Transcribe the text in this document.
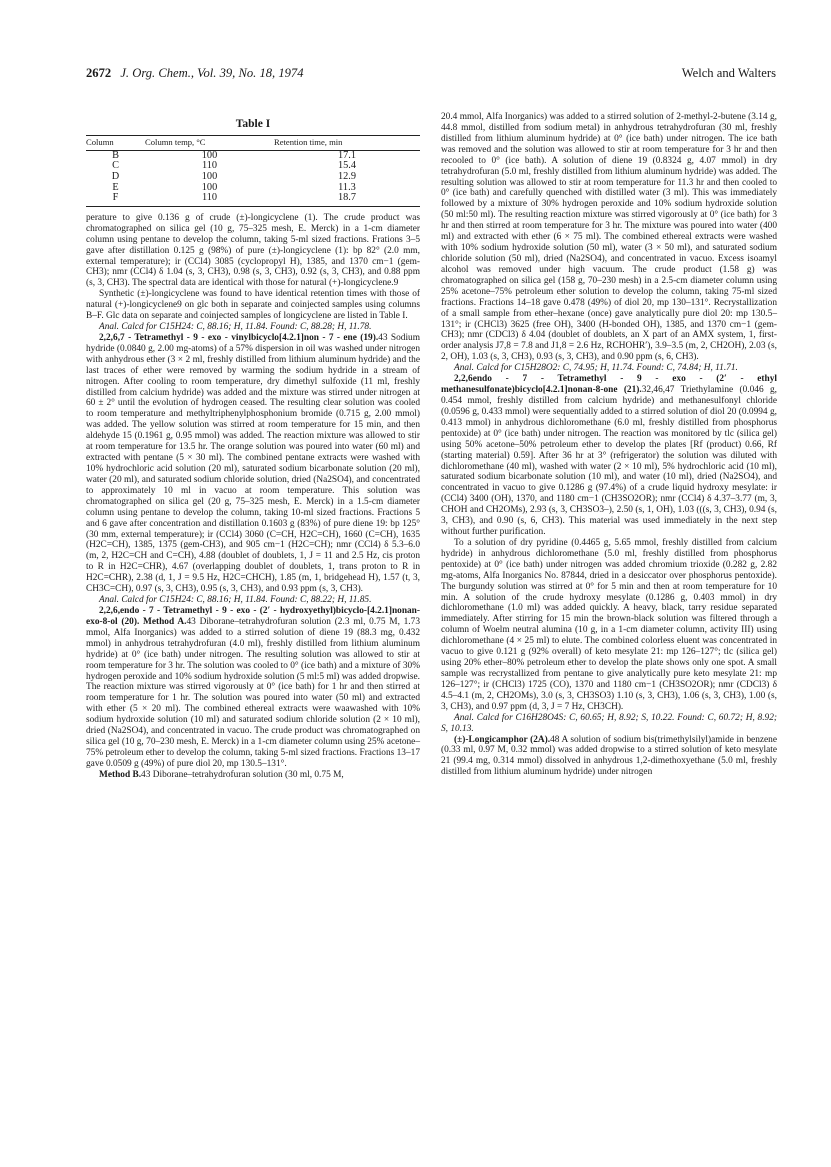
2672 J. Org. Chem., Vol. 39, No. 18, 1974	Welch and Walters
Table I
Column	Column temp, °C	Retention time, min
B	100	17.1
C	110	15.4
D	100	12.9
E	100	11.3
F	110	18.7

perature to give 0.136 g of crude (±)-longicyclene (1). The crude product was chromatographed on silica gel (10 g, 75–325 mesh, E. Merck) in a 1-cm diameter column using pentane to develop the column, taking 5-ml sized fractions. Frations 3–5 gave after distillation 0.125 g (98%) of pure (±)-longicyclene (1): bp 82° (2.0 mm, external temperature); ir (CCl4) 3085 (cyclopropyl H), 1385, and 1370 cm−1 (gem-CH3); nmr (CCl4) δ 1.04 (s, 3, CH3), 0.98 (s, 3, CH3), 0.92 (s, 3, CH3), and 0.88 ppm (s, 3, CH3). The spectral data are identical with those for natural (+)-longicyclene.9

Synthetic (±)-longicyclene was found to have identical retention times with those of natural (+)-longicyclene9 on glc both in separate and coinjected samples using columns B–F. Glc data on separate and coinjected samples of longicyclene are listed in Table I.

Anal. Calcd for C15H24: C, 88.16; H, 11.84. Found: C, 88.28; H, 11.78.

2,2,6,7 - Tetramethyl - 9 - exo - vinylbicyclo[4.2.1]non - 7 - ene (19).43 Sodium hydride (0.0840 g, 2.00 mg-atoms) of a 57% dispersion in oil was washed under nitrogen with anhydrous ether (3 × 2 ml, freshly distilled from lithium aluminum hydride) and the last traces of ether were removed by warming the sodium hydride in a stream of nitrogen. After cooling to room temperature, dry dimethyl sulfoxide (11 ml, freshly distilled from calcium hydride) was added and the mixture was stirred under nitrogen at 60 ± 2° until the evolution of hydrogen ceased. The resulting clear solution was cooled to room temperature and methyltriphenylphosphonium bromide (0.715 g, 2.00 mmol) was added. The yellow solution was stirred at room temperature for 15 min, and then aldehyde 15 (0.1961 g, 0.95 mmol) was added. The reaction mixture was allowed to stir at room temperature for 13.5 hr. The orange solution was poured into water (60 ml) and extracted with pentane (5 × 30 ml). The combined pentane extracts were washed with 10% hydrochloric acid solution (20 ml), saturated sodium bicarbonate solution (20 ml), water (20 ml), and saturated sodium chloride solution, dried (Na2SO4), and concentrated to approximately 10 ml in vacuo at room temperature. This solution was chromatographed on silica gel (20 g, 75–325 mesh, E. Merck) in a 1.5-cm diameter column using pentane to develop the column, taking 10-ml sized fractions. Fractions 5 and 6 gave after concentration and distillation 0.1603 g (83%) of pure diene 19: bp 125° (30 mm, external temperature); ir (CCl4) 3060 (C=CH, H2C=CH), 1660 (C=CH), 1635 (H2C=CH), 1385, 1375 (gem-CH3), and 905 cm−1 (H2C=CH); nmr (CCl4) δ 5.3–6.0 (m, 2, H2C=CH and C=CH), 4.88 (doublet of doublets, 1, J = 11 and 2.5 Hz, cis proton to R in H2C=CHR), 4.67 (overlapping doublet of doublets, 1, trans proton to R in H2C=CHR), 2.38 (d, 1, J = 9.5 Hz, H2C=CHCH), 1.85 (m, 1, bridgehead H), 1.57 (t, 3, CH3C=CH), 0.97 (s, 3, CH3), 0.95 (s, 3, CH3), and 0.93 ppm (s, 3, CH3).

Anal. Calcd for C15H24: C, 88.16; H, 11.84. Found: C, 88.22; H, 11.85.

2,2,6,endo - 7 - Tetramethyl - 9 - exo - (2′ - hydroxyethyl)bicyclo-[4.2.1]nonan-exo-8-ol (20). Method A.43 Diborane–tetrahydrofuran solution (2.3 ml, 0.75 M, 1.73 mmol, Alfa Inorganics) was added to a stirred solution of diene 19 (88.3 mg, 0.432 mmol) in anhydrous tetrahydrofuran (4.0 ml), freshly distilled from lithium aluminum hydride) at 0° (ice bath) under nitrogen. The resulting solution was allowed to stir at room temperature for 3 hr. The solution was cooled to 0° (ice bath) and a mixture of 30% hydrogen peroxide and 10% sodium hydroxide solution (5 ml:5 ml) was added dropwise. The reaction mixture was stirred vigorously at 0° (ice bath) for 1 hr and then stirred at room temperature for 1 hr. The solution was poured into water (50 ml) and extracted with ether (5 × 20 ml). The combined ethereal extracts were waawashed with 10% sodium hydroxide solution (10 ml) and saturated sodium chloride solution (2 × 10 ml), dried (Na2SO4), and concentrated in vacuo. The crude product was chromatographed on silica gel (10 g, 70–230 mesh, E. Merck) in a 1-cm diameter column using 25% acetone–75% petroleum ether to develop the column, taking 5-ml sized fractions. Fractions 13–17 gave 0.0509 g (49%) of pure diol 20, mp 130.5–131°.

Method B.43 Diborane–tetrahydrofuran solution (30 ml, 0.75 M,

20.4 mmol, Alfa Inorganics) was added to a stirred solution of 2-methyl-2-butene (3.14 g, 44.8 mmol, distilled from sodium metal) in anhydrous tetrahydrofuran (30 ml, freshly distilled from lithium aluminum hydride) at 0° (ice bath) under nitrogen. The ice bath was removed and the solution was allowed to stir at room temperature for 3 hr and then recooled to 0° (ice bath). A solution of diene 19 (0.8324 g, 4.07 mmol) in dry tetrahydrofuran (5.0 ml, freshly distilled from lithium aluminum hydride) was added. The resulting solution was allowed to stir at room temperature for 11.3 hr and then cooled to 0° (ice bath) and carefully quenched with distilled water (3 ml). This was immediately followed by a mixture of 30% hydrogen peroxide and 10% sodium hydroxide solution (50 ml:50 ml). The resulting reaction mixture was stirred vigorously at 0° (ice bath) for 3 hr and then stirred at room temperature for 3 hr. The mixture was poured into water (400 ml) and extracted with ether (6 × 75 ml). The combined ethereal extracts were washed with 10% sodium hydroxide solution (50 ml), water (3 × 50 ml), and saturated sodium chloride solution (50 ml), dried (Na2SO4), and concentrated in vacuo. Excess isoamyl alcohol was removed under high vacuum. The crude product (1.58 g) was chromatographed on silica gel (158 g, 70–230 mesh) in a 2.5-cm diameter column using 25% acetone–75% petroleum ether solution to develop the column, taking 75-ml sized fractions. Fractions 14–18 gave 0.478 (49%) of diol 20, mp 130–131°. Recrystallization of a small sample from ether–hexane (once) gave analytically pure diol 20: mp 130.5–131°; ir (CHCl3) 3625 (free OH), 3400 (H-bonded OH), 1385, and 1370 cm−1 (gem-CH3); nmr (CDCl3) δ 4.04 (doublet of doublets, an X part of an AMX system, 1, first-order analysis J7,8 = 7.8 and J1,8 = 2.6 Hz, RCHOHR′), 3.9–3.5 (m, 2, CH2OH), 2.03 (s, 2, OH), 1.03 (s, 3, CH3), 0.93 (s, 3, CH3), and 0.90 ppm (s, 6, CH3).

Anal. Calcd for C15H28O2: C, 74.95; H, 11.74. Found: C, 74.84; H, 11.71.

2,2,6endo - 7 - Tetramethyl - 9 - exo - (2′ - ethyl methanesulfonate)bicyclo[4.2.1]nonan-8-one (21).32,46,47 Triethylamine (0.046 g, 0.454 mmol, freshly distilled from calcium hydride) and methanesulfonyl chloride (0.0596 g, 0.433 mmol) were sequentially added to a stirred solution of diol 20 (0.0994 g, 0.413 mmol) in anhydrous dichloromethane (6.0 ml, freshly distilled from phosphorus pentoxide) at 0° (ice bath) under nitrogen. The reaction was monitored by tlc (silica gel) using 50% acetone–50% petroleum ether to develop the plates [Rf (product) 0.66, Rf (starting material) 0.59]. After 36 hr at 3° (refrigerator) the solution was diluted with dichloromethane (40 ml), washed with water (2 × 10 ml), 5% hydrochloric acid (10 ml), saturated sodium bicarbonate solution (10 ml), and water (10 ml), dried (Na2SO4), and concentrated in vacuo to give 0.1286 g (97.4%) of a crude liquid hydroxy mesylate: ir (CCl4) 3400 (OH), 1370, and 1180 cm−1 (CH3SO2OR); nmr (CCl4) δ 4.37–3.77 (m, 3, CHOH and CH2OMs), 2.93 (s, 3, CH3SO3–), 2.50 (s, 1, OH), 1.03 (((s, 3, CH3), 0.94 (s, 3, CH3), and 0.90 (s, 6, CH3). This material was used immediately in the next step without further purification.

To a solution of dry pyridine (0.4465 g, 5.65 mmol, freshly distilled from calcium hydride) in anhydrous dichloromethane (5.0 ml, freshly distilled from phosphorus pentoxide) at 0° (ice bath) under nitrogen was added chromium trioxide (0.282 g, 2.82 mg-atoms, Alfa Inorganics No. 87844, dried in a desiccator over phosphorus pentoxide). The burgundy solution was stirred at 0° for 5 min and then at room temperature for 10 min. A solution of the crude hydroxy mesylate (0.1286 g, 0.403 mmol) in dry dichloromethane (1.0 ml) was added quickly. A heavy, black, tarry residue separated immediately. After stirring for 15 min the brown-black solution was filtered through a column of Woelm neutral alumina (10 g, in a 1-cm diameter column, activity III) using dichloromethane (4 × 25 ml) to elute. The combined colorless eluent was concentrated in vacuo to give 0.121 g (92% overall) of keto mesylate 21: mp 126–127°; tlc (silica gel) using 20% ether–80% petroleum ether to develop the plate shows only one spot. A small sample was recrystallized from pentane to give analytically pure keto mesylate 21: mp 126–127°; ir (CHCl3) 1725 (CO), 1370 and 1180 cm−1 (CH3SO2OR); nmr (CDCl3) δ 4.5–4.1 (m, 2, CH2OMs), 3.0 (s, 3, CH3SO3) 1.10 (s, 3, CH3), 1.06 (s, 3, CH3), 1.00 (s, 3, CH3), and 0.97 ppm (d, 3, J = 7 Hz, CH3CH).

Anal. Calcd for C16H28O4S: C, 60.65; H, 8.92; S, 10.22. Found: C, 60.72; H, 8.92; S, 10.13.

(±)-Longicamphor (2A).48 A solution of sodium bis(trimethylsilyl)amide in benzene (0.33 ml, 0.97 M, 0.32 mmol) was added dropwise to a stirred solution of keto mesylate 21 (99.4 mg, 0.314 mmol) dissolved in anhydrous 1,2-dimethoxyethane (5.0 ml, freshly distilled from lithium aluminum hydride) under nitrogen
